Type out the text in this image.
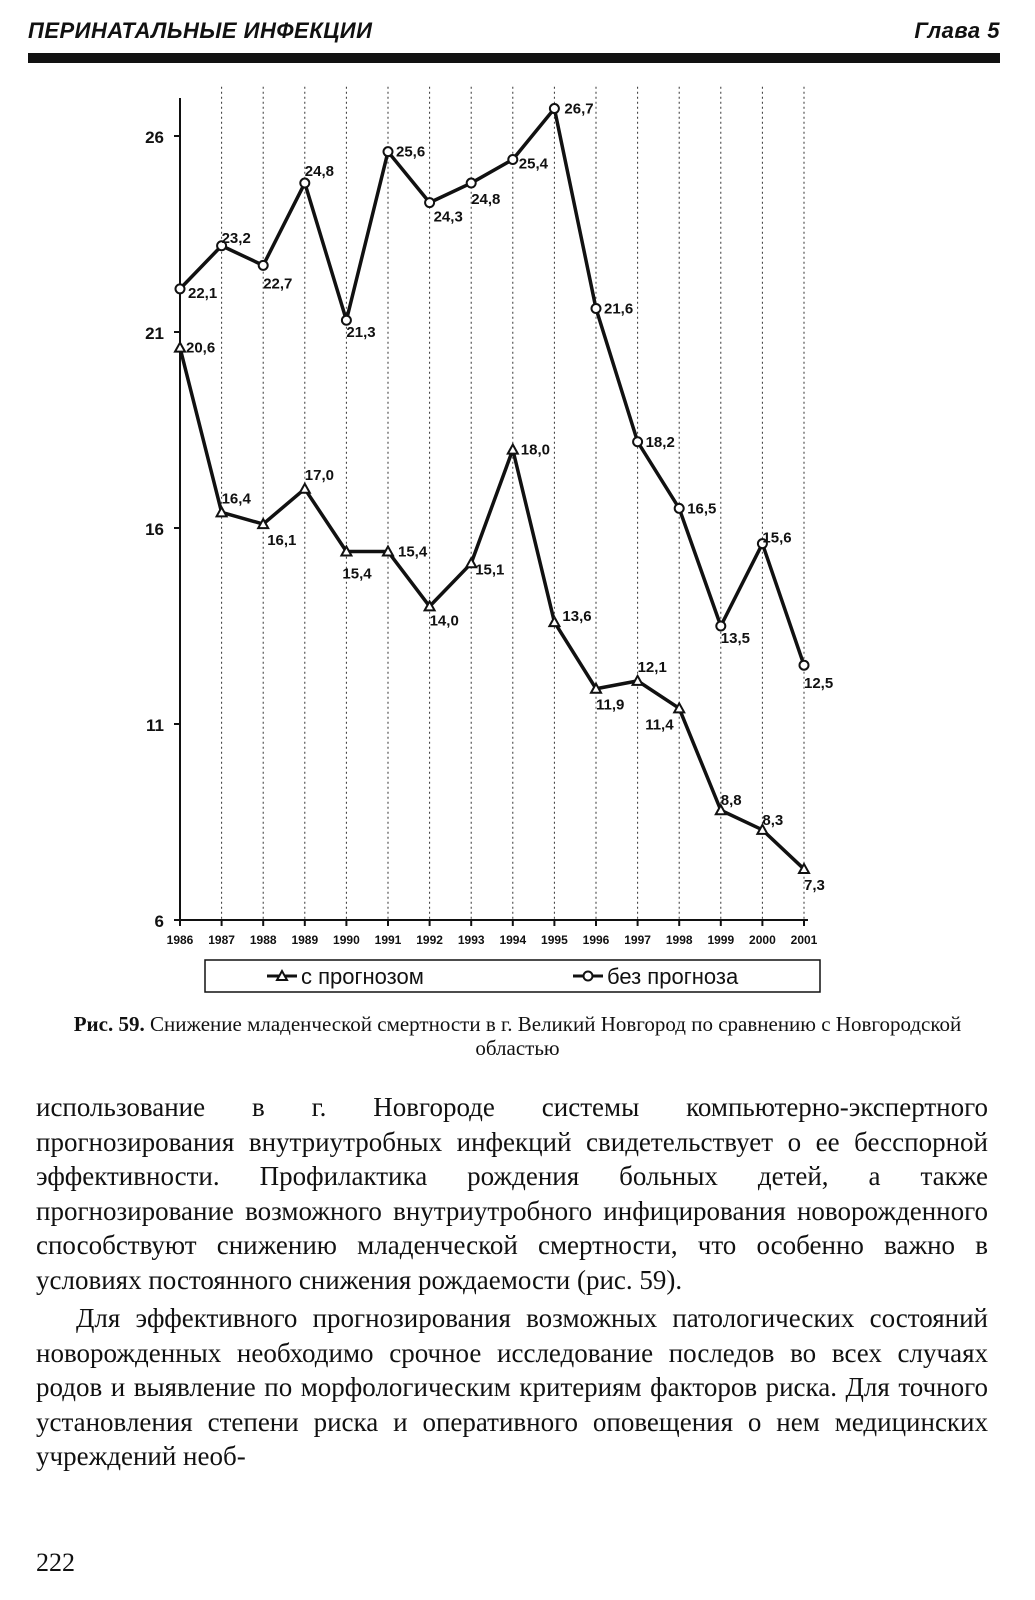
ПЕРИНАТАЛЬНЫЕ ИНФЕКЦИИ	Глава 5
6
11
16
21
26
1986 1987 1988 1989 1990 1991 1992 1993 1994 1995 1996 1997 1998 1999 2000 2001
20,6
16,4
16,1
17,0
15,4
15,4
14,0
15,1
18,0
13,6
11,9
12,1
11,4
8,8
8,3
7,3
22,1
23,2
22,7
24,8
21,3
25,6
24,3
24,8
25,4
26,7
21,6
18,2
16,5
13,5
15,6
12,5
с прогнозом	без прогноза
Рис. 59. Снижение младенческой смертности в г. Великий Новгород по сравнению с Новгородской областью

использование в г. Новгороде системы компьютерно-экспертного прогнозирования внутриутробных инфекций свидетельствует о ее бесспорной эффективности. Профилактика рождения больных детей, а также прогнозирование возможного внутриутробного инфицирования новорожденного способствуют снижению младенческой смертности, что особенно важно в условиях постоянного снижения рождаемости (рис. 59).

Для эффективного прогнозирования возможных патологических состояний новорожденных необходимо срочное исследование последов во всех случаях родов и выявление по морфологическим критериям факторов риска. Для точного установления степени риска и оперативного оповещения о нем медицинских учреждений необ-

222
